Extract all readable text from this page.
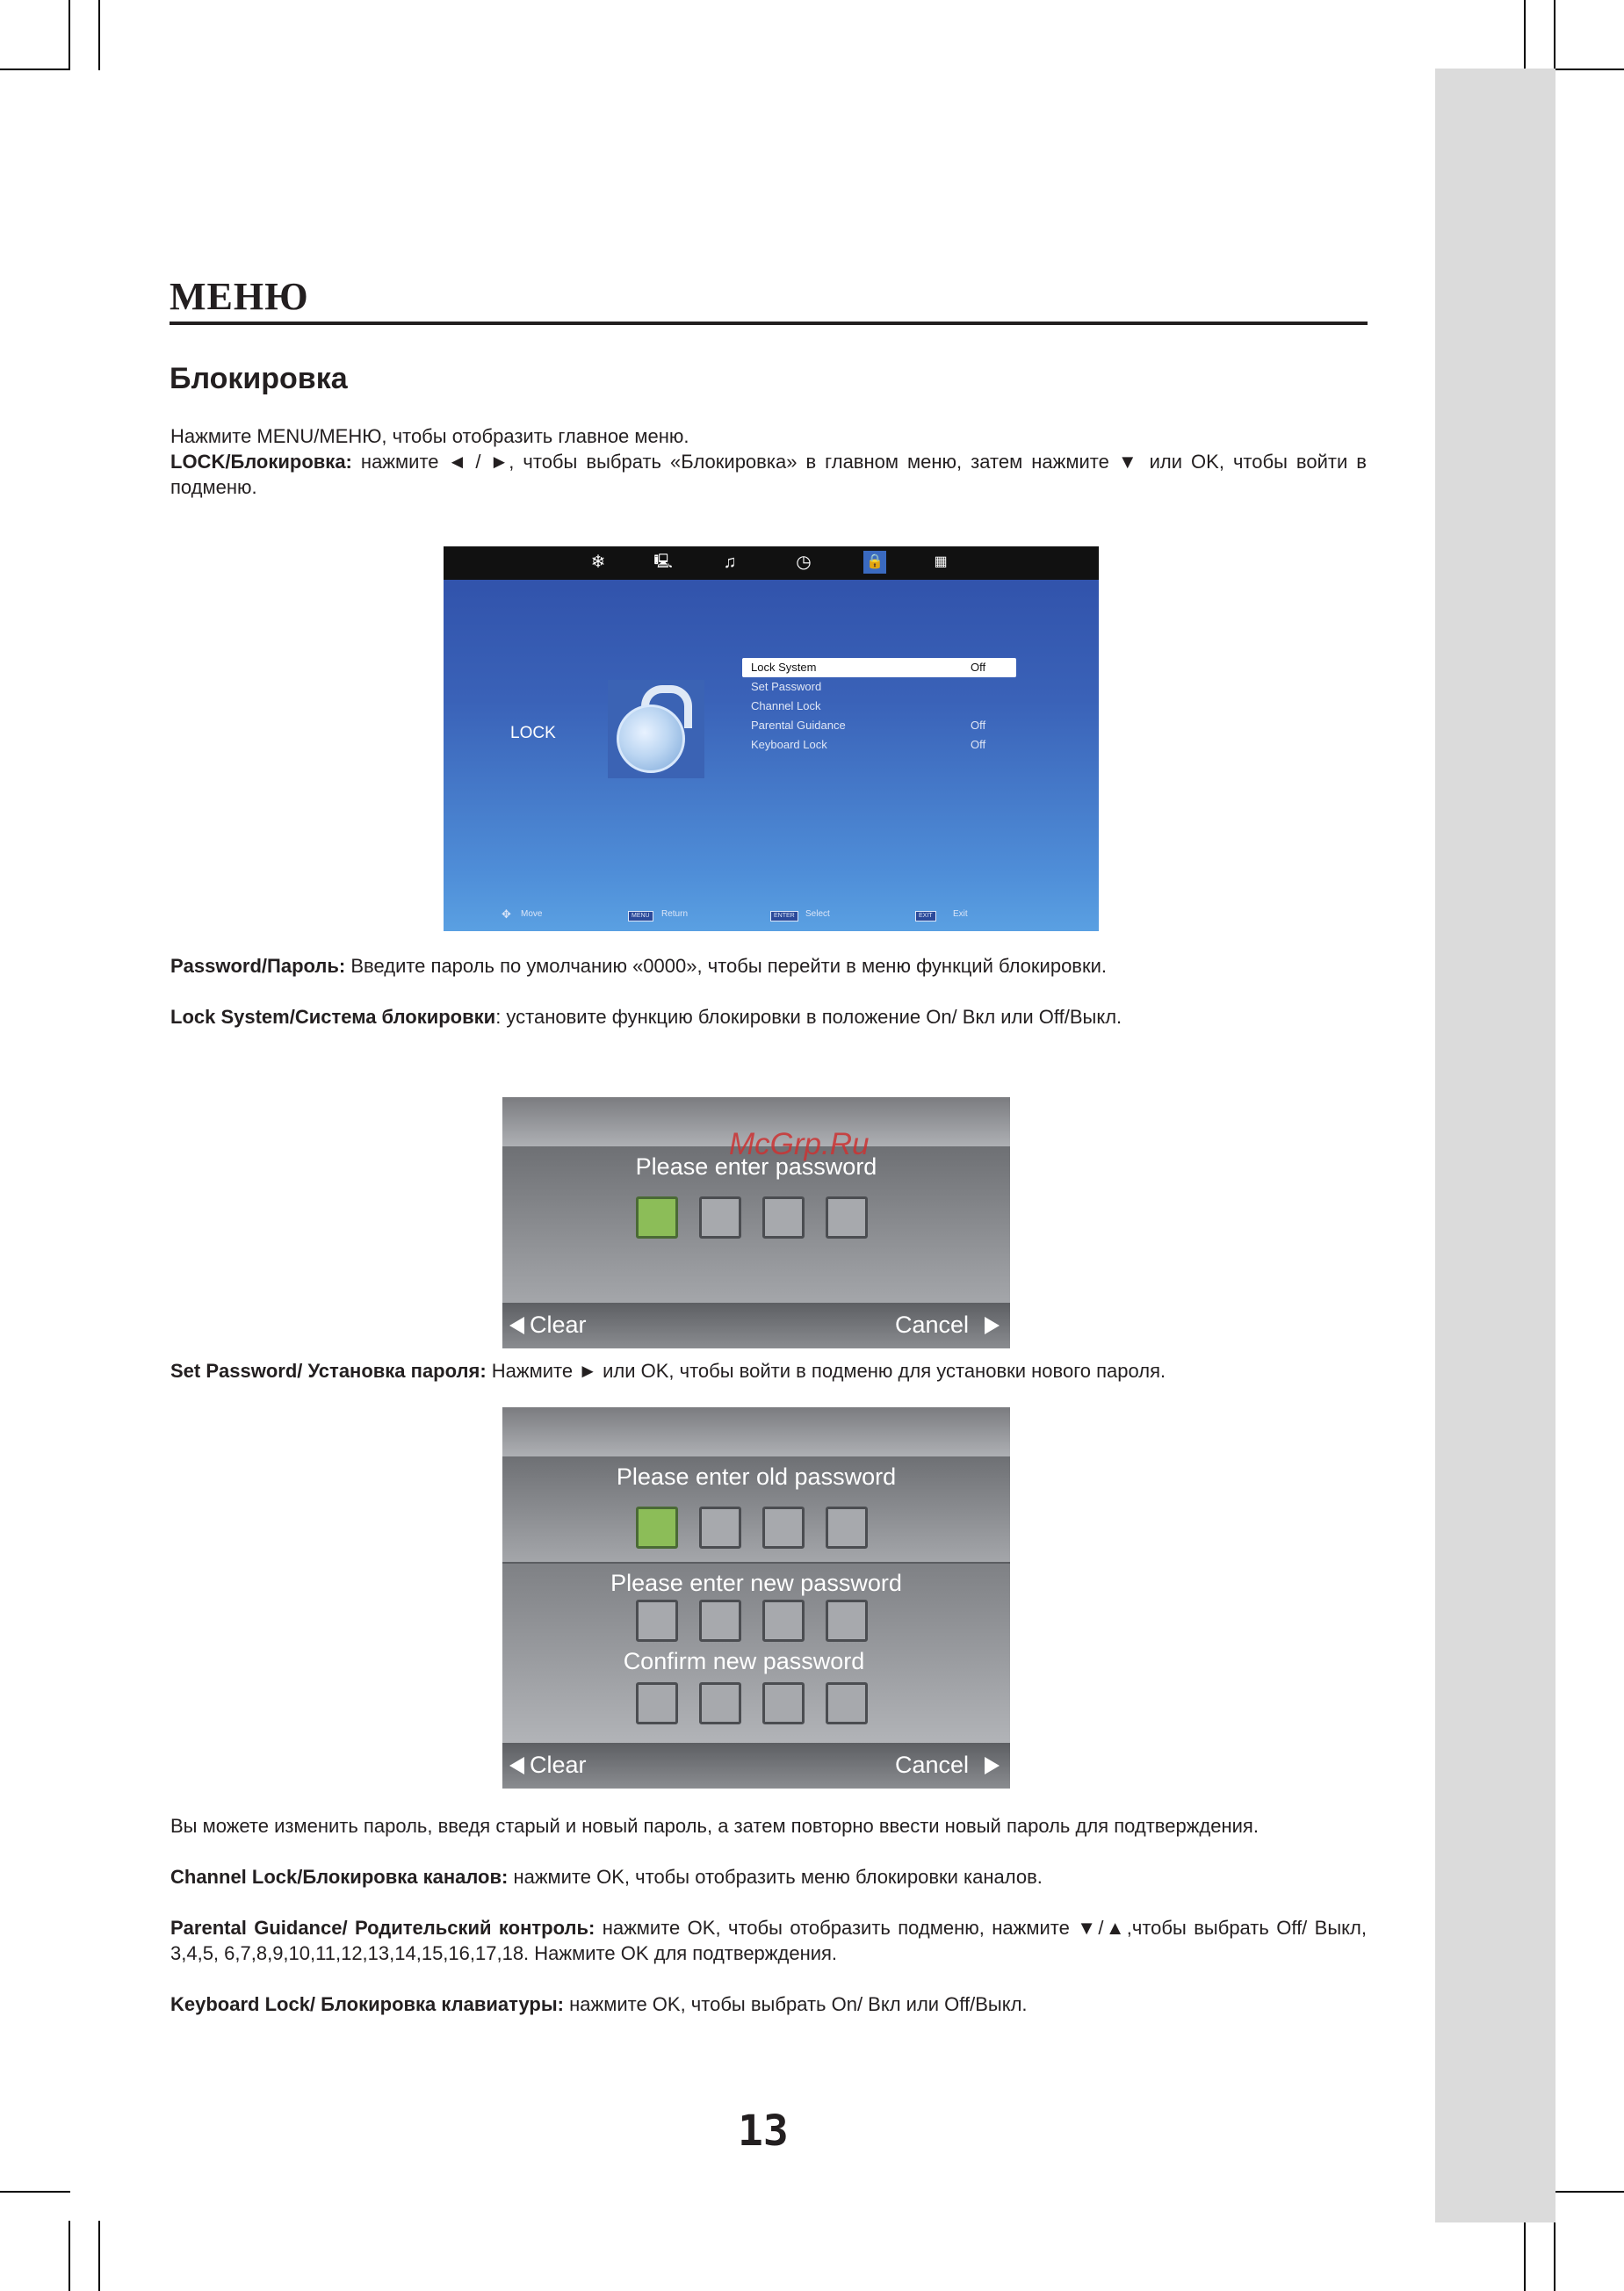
МЕНЮ
Блокировка
Нажмите MENU/МЕНЮ, чтобы отобразить главное меню.
LOCK/Блокировка: нажмите ◄ / ►, чтобы выбрать «Блокировка» в главном меню, затем нажмите ▼ или OK, чтобы войти в подменю.
❄	🖳	♫	◷	🔒	▦
LOCK
Lock System	Off
Set Password
Channel Lock
Parental Guidance	Off
Keyboard Lock	Off
✥ Move	MENU	Return	ENTER	Select	EXIT	Exit
Password/Пароль: Введите пароль по умолчанию «0000», чтобы перейти в меню функций блокировки.
Lock System/Система блокировки: установите функцию блокировки в положение On/ Вкл или Off/Выкл.
Please enter password
Clear	Cancel
McGrp.Ru
Set Password/ Установка пароля: Нажмите ► или OK, чтобы войти в подменю для установки нового пароля.
Please enter old password
Please enter new password
Confirm new password
Clear	Cancel
Вы можете изменить пароль, введя старый и новый пароль, а затем повторно ввести новый пароль для подтверждения.
Channel Lock/Блокировка каналов: нажмите OK, чтобы отобразить меню блокировки каналов.
Parental Guidance/ Родительский контроль: нажмите OK, чтобы отобразить подменю, нажмите ▼/▲,чтобы выбрать Off/ Выкл, 3,4,5, 6,7,8,9,10,11,12,13,14,15,16,17,18. Нажмите OK для подтверждения.
Keyboard Lock/ Блокировка клавиатуры: нажмите OK, чтобы выбрать On/ Вкл или Off/Выкл.
13
